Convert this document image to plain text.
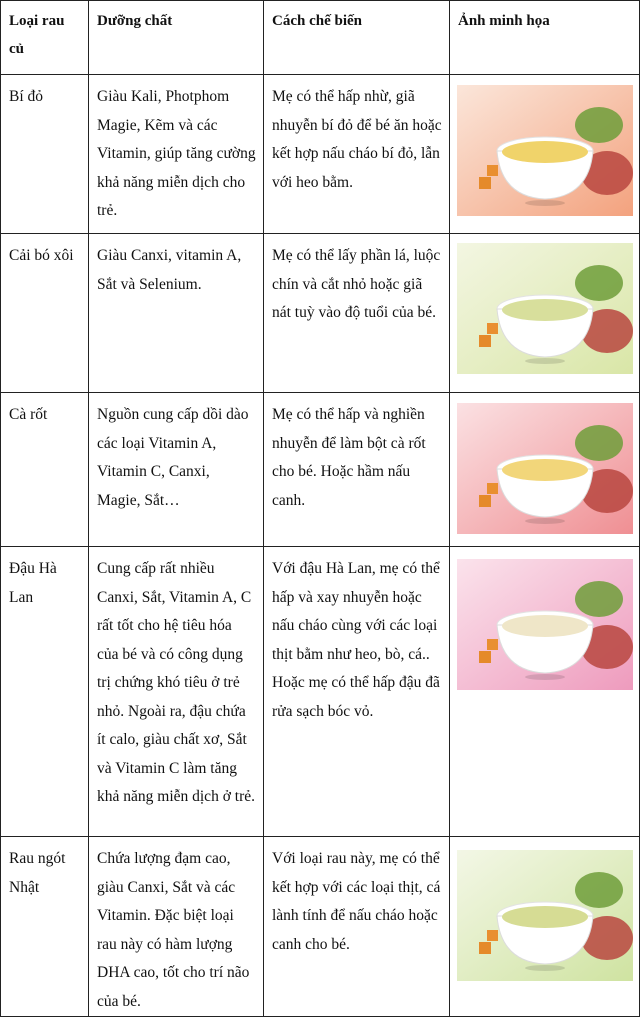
Loại rau củ	Dưỡng chất	Cách chế biến	Ảnh minh họa
Bí đỏ	Giàu Kali, Photphom Magie, Kẽm và các Vitamin, giúp tăng cường khả năng miễn dịch cho trẻ.	Mẹ có thể hấp nhừ, giã nhuyễn bí đỏ để bé ăn hoặc kết hợp nấu cháo bí đỏ, lẫn với heo bằm.	

Cải bó xôi	Giàu Canxi, vitamin A, Sắt và Selenium.	Mẹ có thể lấy phần lá, luộc chín và cắt nhỏ hoặc giã nát tuỳ vào độ tuổi của bé.	

Cà rốt	Nguồn cung cấp dồi dào các loại Vitamin A, Vitamin C, Canxi, Magie, Sắt…	Mẹ có thể hấp và nghiền nhuyễn để làm bột cà rốt cho bé. Hoặc hầm nấu canh.	

Đậu Hà Lan	Cung cấp rất nhiều Canxi, Sắt, Vitamin A, C rất tốt cho hệ tiêu hóa của bé và có công dụng trị chứng khó tiêu ở trẻ nhỏ. Ngoài ra, đậu chứa ít calo, giàu chất xơ, Sắt và Vitamin C làm tăng khả năng miễn dịch ở trẻ.	Với đậu Hà Lan, mẹ có thể hấp và xay nhuyễn hoặc nấu cháo cùng với các loại thịt bằm như heo, bò, cá.. Hoặc mẹ có thể hấp đậu đã rửa sạch bóc vỏ.	

Rau ngót Nhật	Chứa lượng đạm cao, giàu Canxi, Sắt và các Vitamin. Đặc biệt loại rau này có hàm lượng DHA cao, tốt cho trí não của bé.	Với loại rau này, mẹ có thể kết hợp với các loại thịt, cá lành tính để nấu cháo hoặc canh cho bé.	
